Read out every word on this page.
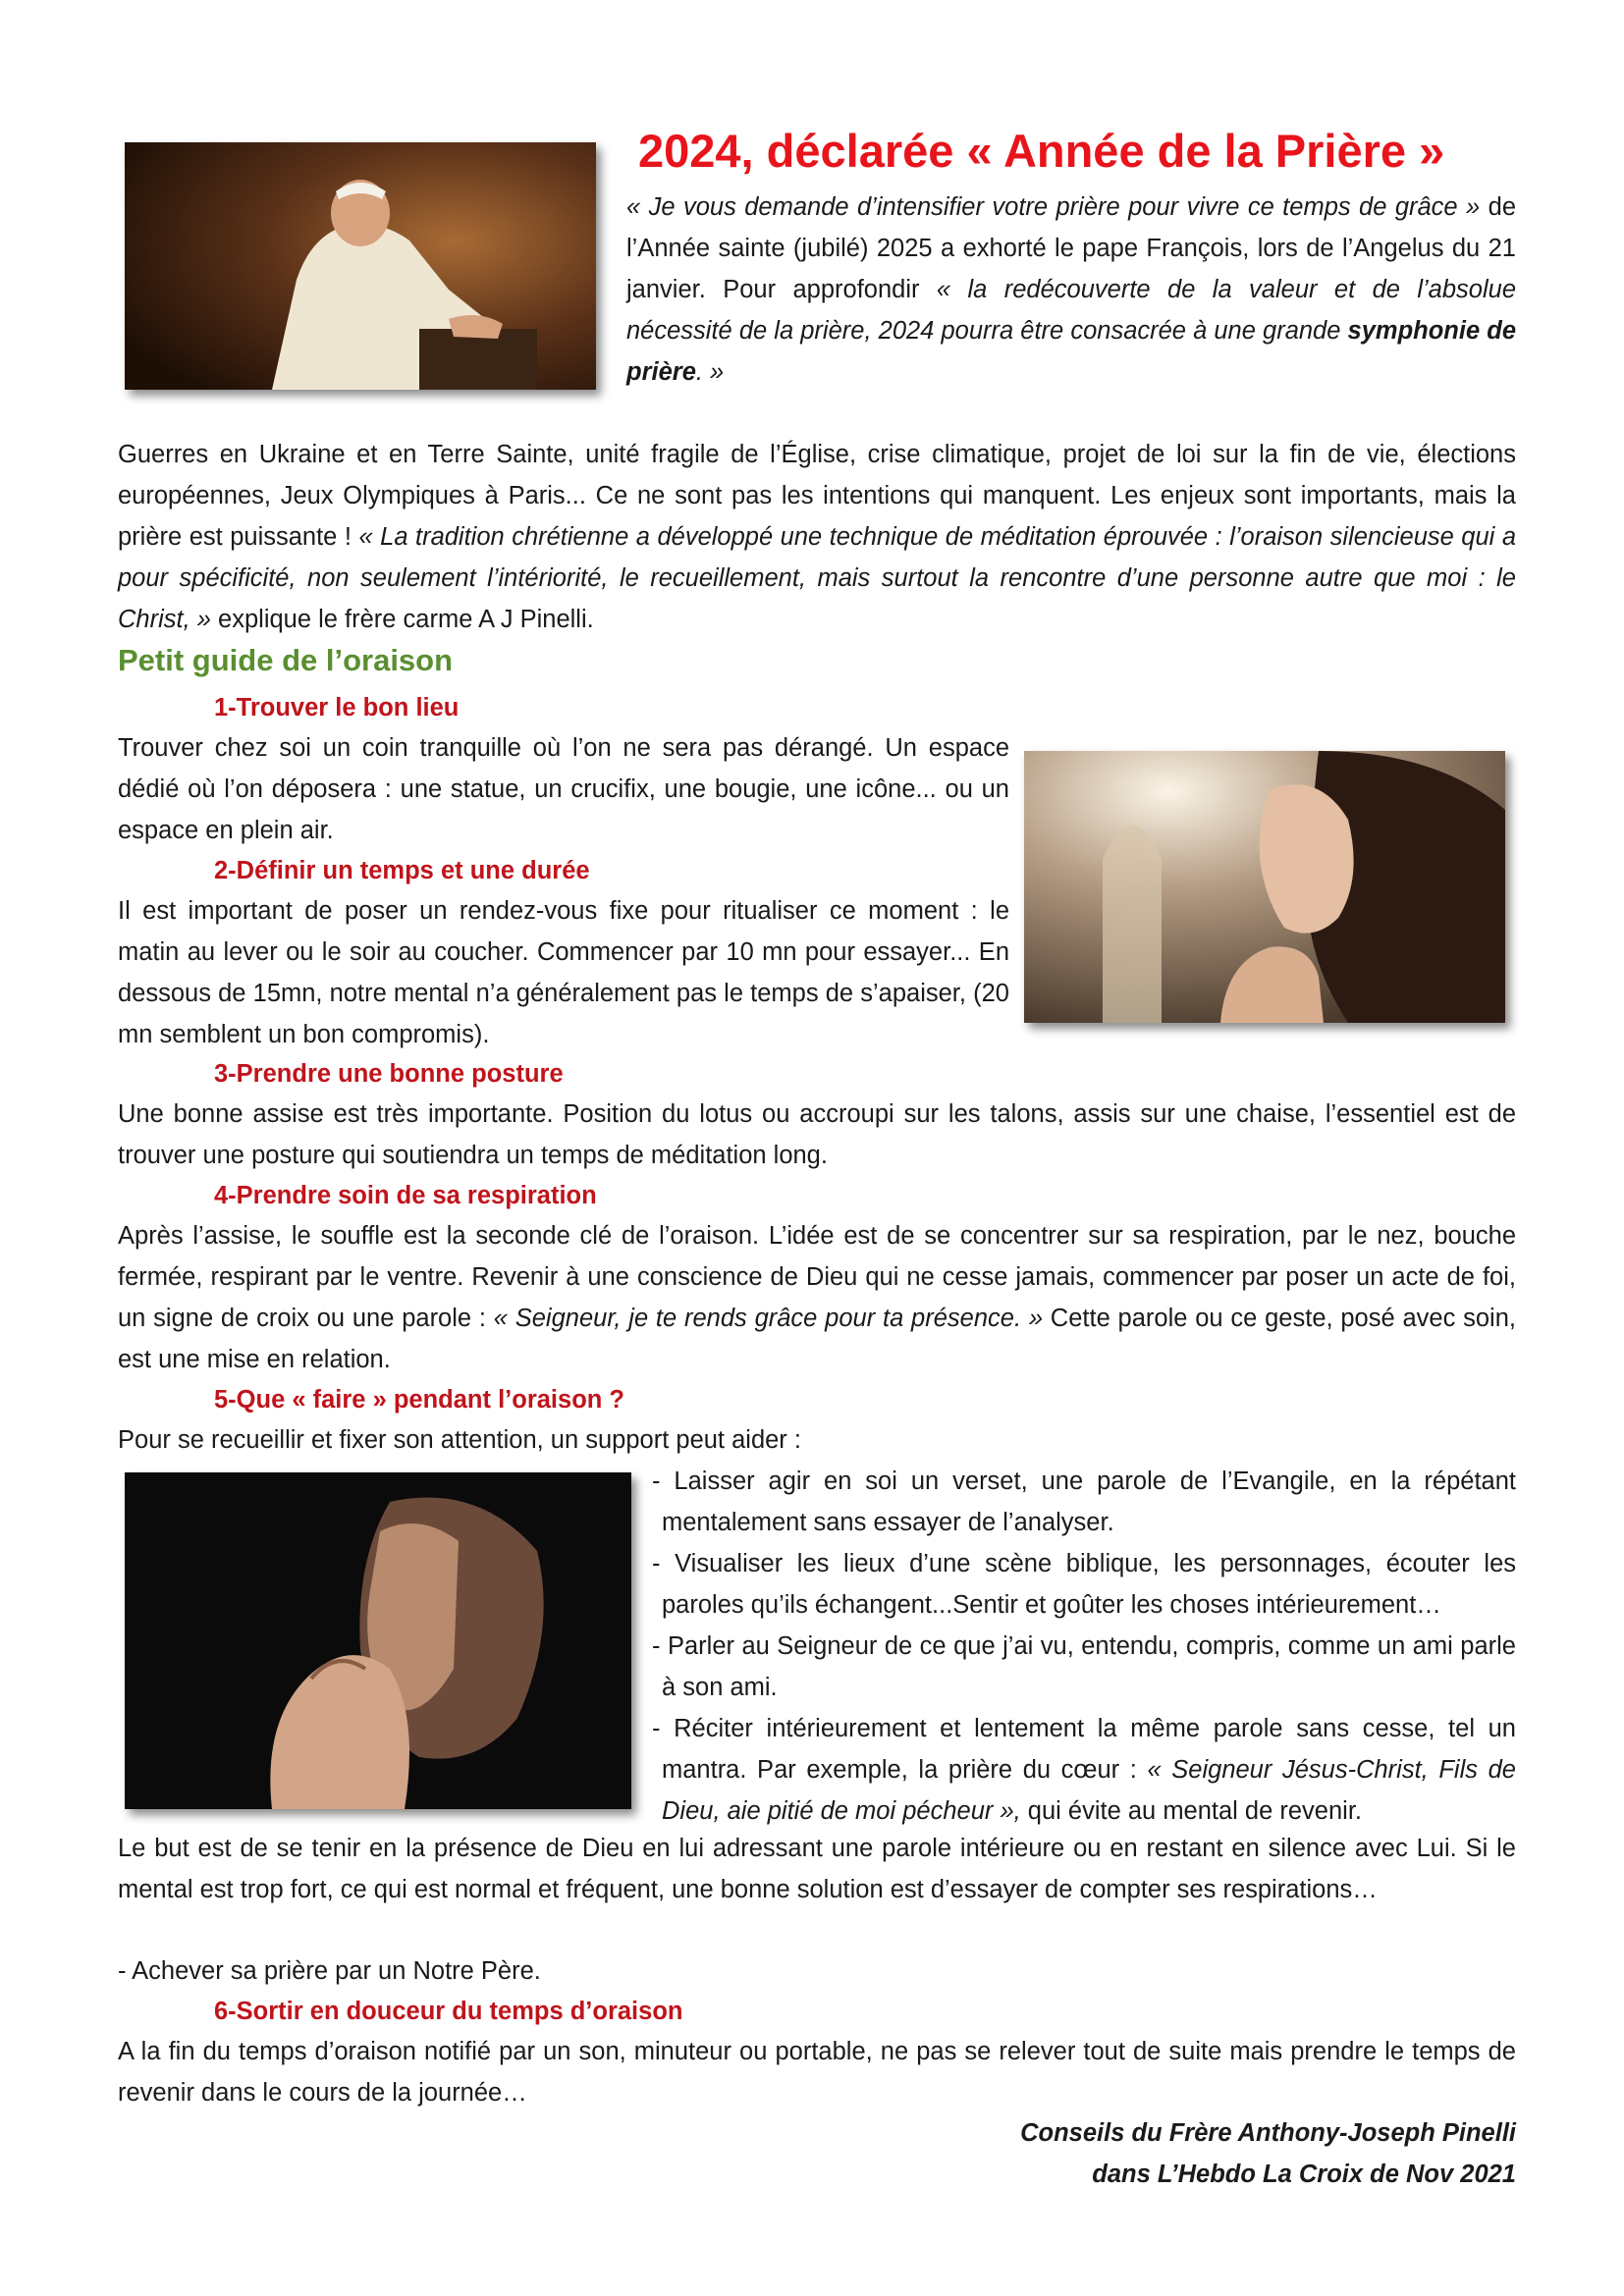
2024, déclarée « Année de la Prière »
« Je vous demande d’intensifier votre prière pour vivre ce temps de grâce » de l’Année sainte (jubilé) 2025 a exhorté le pape François, lors de l’Angelus du 21 janvier. Pour approfondir « la redécouverte de la valeur et de l’absolue nécessité de la prière, 2024 pourra être consacrée à une grande symphonie de prière. »
Guerres en Ukraine et en Terre Sainte, unité fragile de l’Église, crise climatique, projet de loi sur la fin de vie, élections européennes, Jeux Olympiques à Paris... Ce ne sont pas les intentions qui manquent. Les enjeux sont importants, mais la prière est puissante ! « La tradition chrétienne a développé une technique de méditation éprouvée : l’oraison silencieuse qui a pour spécificité, non seulement l’intériorité, le recueillement, mais surtout la rencontre d’une personne autre que moi : le Christ, » explique le frère carme A J Pinelli.
Petit guide de l’oraison
1-Trouver le bon lieu
Trouver chez soi un coin tranquille où l’on ne sera pas dérangé. Un espace dédié où l’on déposera : une statue, un crucifix, une bougie, une icône... ou un espace en plein air.
2-Définir un temps et une durée
Il est important de poser un rendez-vous fixe pour ritualiser ce moment : le matin au lever ou le soir au coucher. Commencer par 10 mn pour essayer... En dessous de 15mn, notre mental n’a généralement pas le temps de s’apaiser, (20 mn semblent un bon compromis).
3-Prendre une bonne posture
Une bonne assise est très importante. Position du lotus ou accroupi sur les talons, assis sur une chaise, l’essentiel est de trouver une posture qui soutiendra un temps de méditation long.
4-Prendre soin de sa respiration
Après l’assise, le souffle est la seconde clé de l’oraison. L’idée est de se concentrer sur sa respiration, par le nez, bouche fermée, respirant par le ventre. Revenir à une conscience de Dieu qui ne cesse jamais, commencer par poser un acte de foi, un signe de croix ou une parole : « Seigneur, je te rends grâce pour ta présence. » Cette parole ou ce geste, posé avec soin, est une mise en relation.
5-Que « faire » pendant l’oraison ?
Pour se recueillir et fixer son attention, un support peut aider :
- Laisser agir en soi un verset, une parole de l’Evangile, en la répétant mentalement sans essayer de l’analyser.
- Visualiser les lieux d’une scène biblique, les personnages, écouter les paroles qu’ils échangent...Sentir et goûter les choses intérieurement…
- Parler au Seigneur de ce que j’ai vu, entendu, compris, comme un ami parle à son ami.
- Réciter intérieurement et lentement la même parole sans cesse, tel un mantra. Par exemple, la prière du cœur : « Seigneur Jésus-Christ, Fils de Dieu, aie pitié de moi pécheur », qui évite au mental de revenir.
Le but est de se tenir en la présence de Dieu en lui adressant une parole intérieure ou en restant en silence avec Lui. Si le mental est trop fort, ce qui est normal et fréquent, une bonne solution est d’essayer de compter ses respirations…
- Achever sa prière par un Notre Père.
6-Sortir en douceur du temps d’oraison
A la fin du temps d’oraison notifié par un son, minuteur ou portable, ne pas se relever tout de suite mais prendre le temps de revenir dans le cours de la journée…
Conseils du Frère Anthony-Joseph Pinelli
dans L’Hebdo La Croix de Nov 2021
